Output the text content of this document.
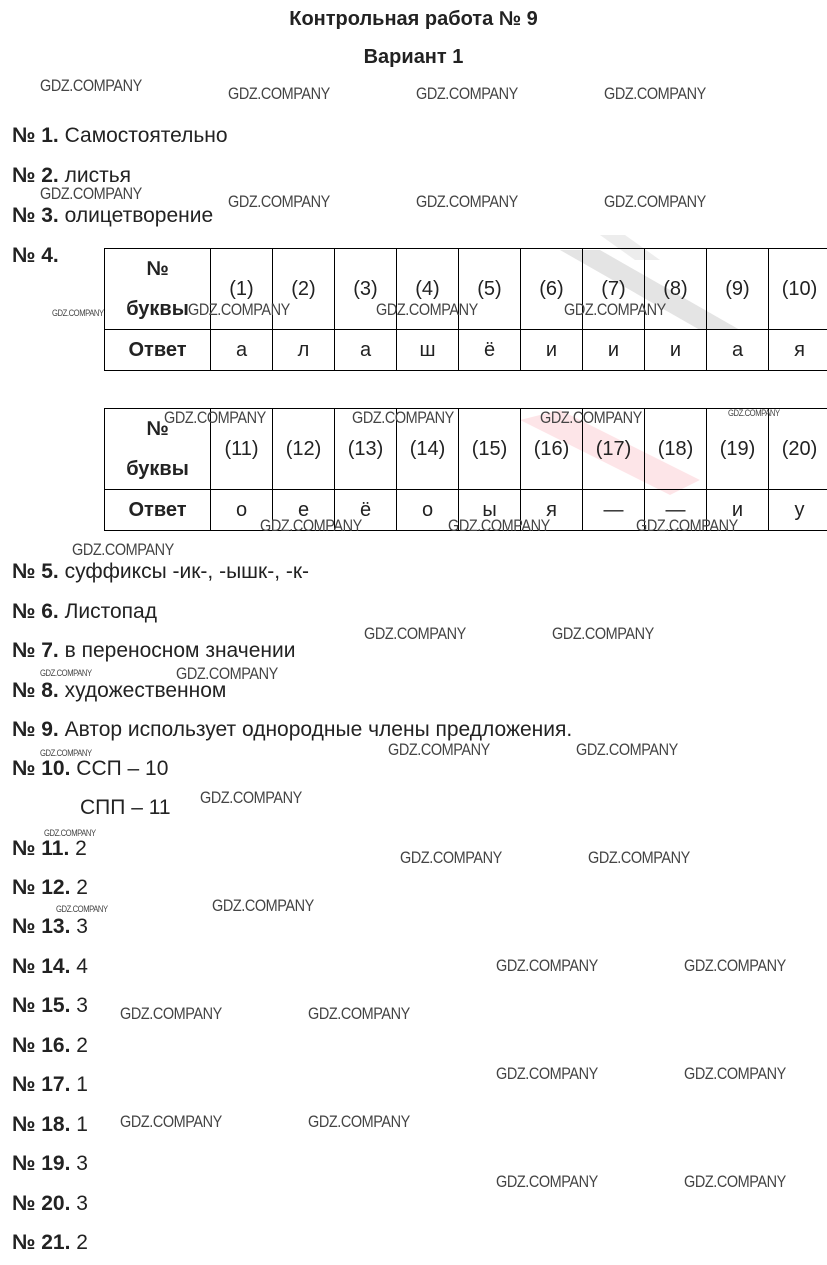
Контрольная работа № 9
Вариант 1
№ 1. Самостоятельно
№ 2. листья
№ 3. олицетворение
№ 4.
№
буквы	(1)	(2)	(3)	(4)	(5)	(6)	(7)	(8)	(9)	(10)
Ответ	а	л	а	ш	ё	и	и	и	а	я
№
буквы	(11)	(12)	(13)	(14)	(15)	(16)	(17)	(18)	(19)	(20)
Ответ	о	е	ё	о	ы	я	—	—	и	у
№ 5. суффиксы -ик-, -ышк-, -к-
№ 6. Листопад
№ 7. в переносном значении
№ 8. художественном
№ 9. Автор использует однородные члены предложения.
№ 10. ССП – 10
СПП – 11
№ 11. 2
№ 12. 2
№ 13. 3
№ 14. 4
№ 15. 3
№ 16. 2
№ 17. 1
№ 18. 1
№ 19. 3
№ 20. 3
№ 21. 2
GDZ.COMPANY	GDZ.COMPANY	GDZ.COMPANY	GDZ.COMPANY
GDZ.COMPANY	GDZ.COMPANY	GDZ.COMPANY	GDZ.COMPANY
GDZ.COMPANY	GDZ.COMPANY	GDZ.COMPANY	GDZ.COMPANY
GDZ.COMPANY	GDZ.COMPANY	GDZ.COMPANY	GDZ.COMPANY
GDZ.COMPANY	GDZ.COMPANY	GDZ.COMPANY
GDZ.COMPANY
GDZ.COMPANY	GDZ.COMPANY
GDZ.COMPANY	GDZ.COMPANY
GDZ.COMPANY	GDZ.COMPANY
GDZ.COMPANY
GDZ.COMPANY
GDZ.COMPANY
GDZ.COMPANY	GDZ.COMPANY
GDZ.COMPANY	GDZ.COMPANY
GDZ.COMPANY	GDZ.COMPANY
GDZ.COMPANY	GDZ.COMPANY
GDZ.COMPANY	GDZ.COMPANY
GDZ.COMPANY	GDZ.COMPANY
GDZ.COMPANY	GDZ.COMPANY
